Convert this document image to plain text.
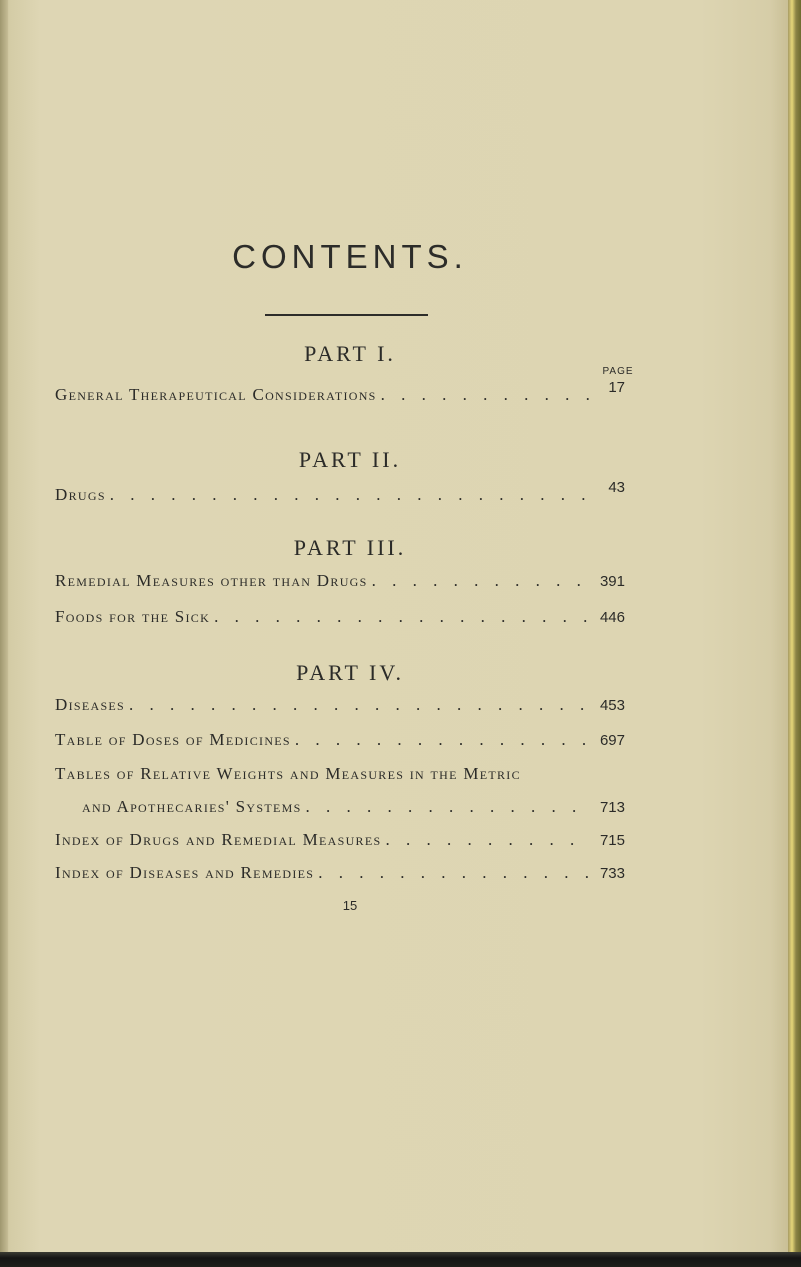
CONTENTS.
PART I.
PAGE
General Therapeutical Considerations . . .	17
PART II.
Drugs . . .	43
PART III.
Remedial Measures other than Drugs . . .	391
Foods for the Sick . . .	446
PART IV.
Diseases . . .	453
Table of Doses of Medicines . . .	697
Tables of Relative Weights and Measures in the Metric
and Apothecaries' Systems . . .	713
Index of Drugs and Remedial Measures . . .	715
Index of Diseases and Remedies . . .	733
15
